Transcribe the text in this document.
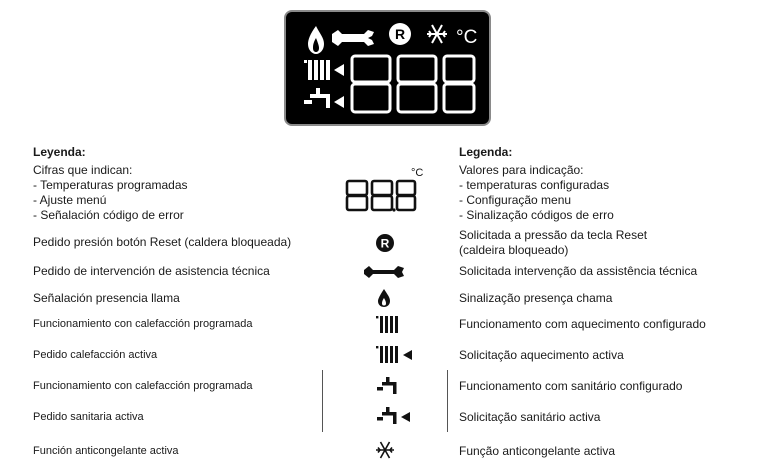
R	°C
Leyenda:
Cifras que indican:
- Temperaturas programadas
- Ajuste menú
- Señalación código de error
Pedido presión botón Reset (caldera bloqueada)
Pedido de intervención de asistencia técnica
Señalación presencia llama
Funcionamiento con calefacción programada
Pedido calefacción activa
Funcionamiento con calefacción programada
Pedido sanitaria activa
Función anticongelante activa
Legenda:
Valores para indicação:
- temperaturas configuradas
- Configuração menu
- Sinalização códigos de erro
Solicitada a pressão da tecla Reset
(caldeira bloqueado)
Solicitada intervenção da assistência técnica
Sinalização presença chama
Funcionamento com aquecimento configurado
Solicitação aquecimento activa
Funcionamento com sanitário configurado
Solicitação sanitário activa
Função anticongelante activa
°C
R
